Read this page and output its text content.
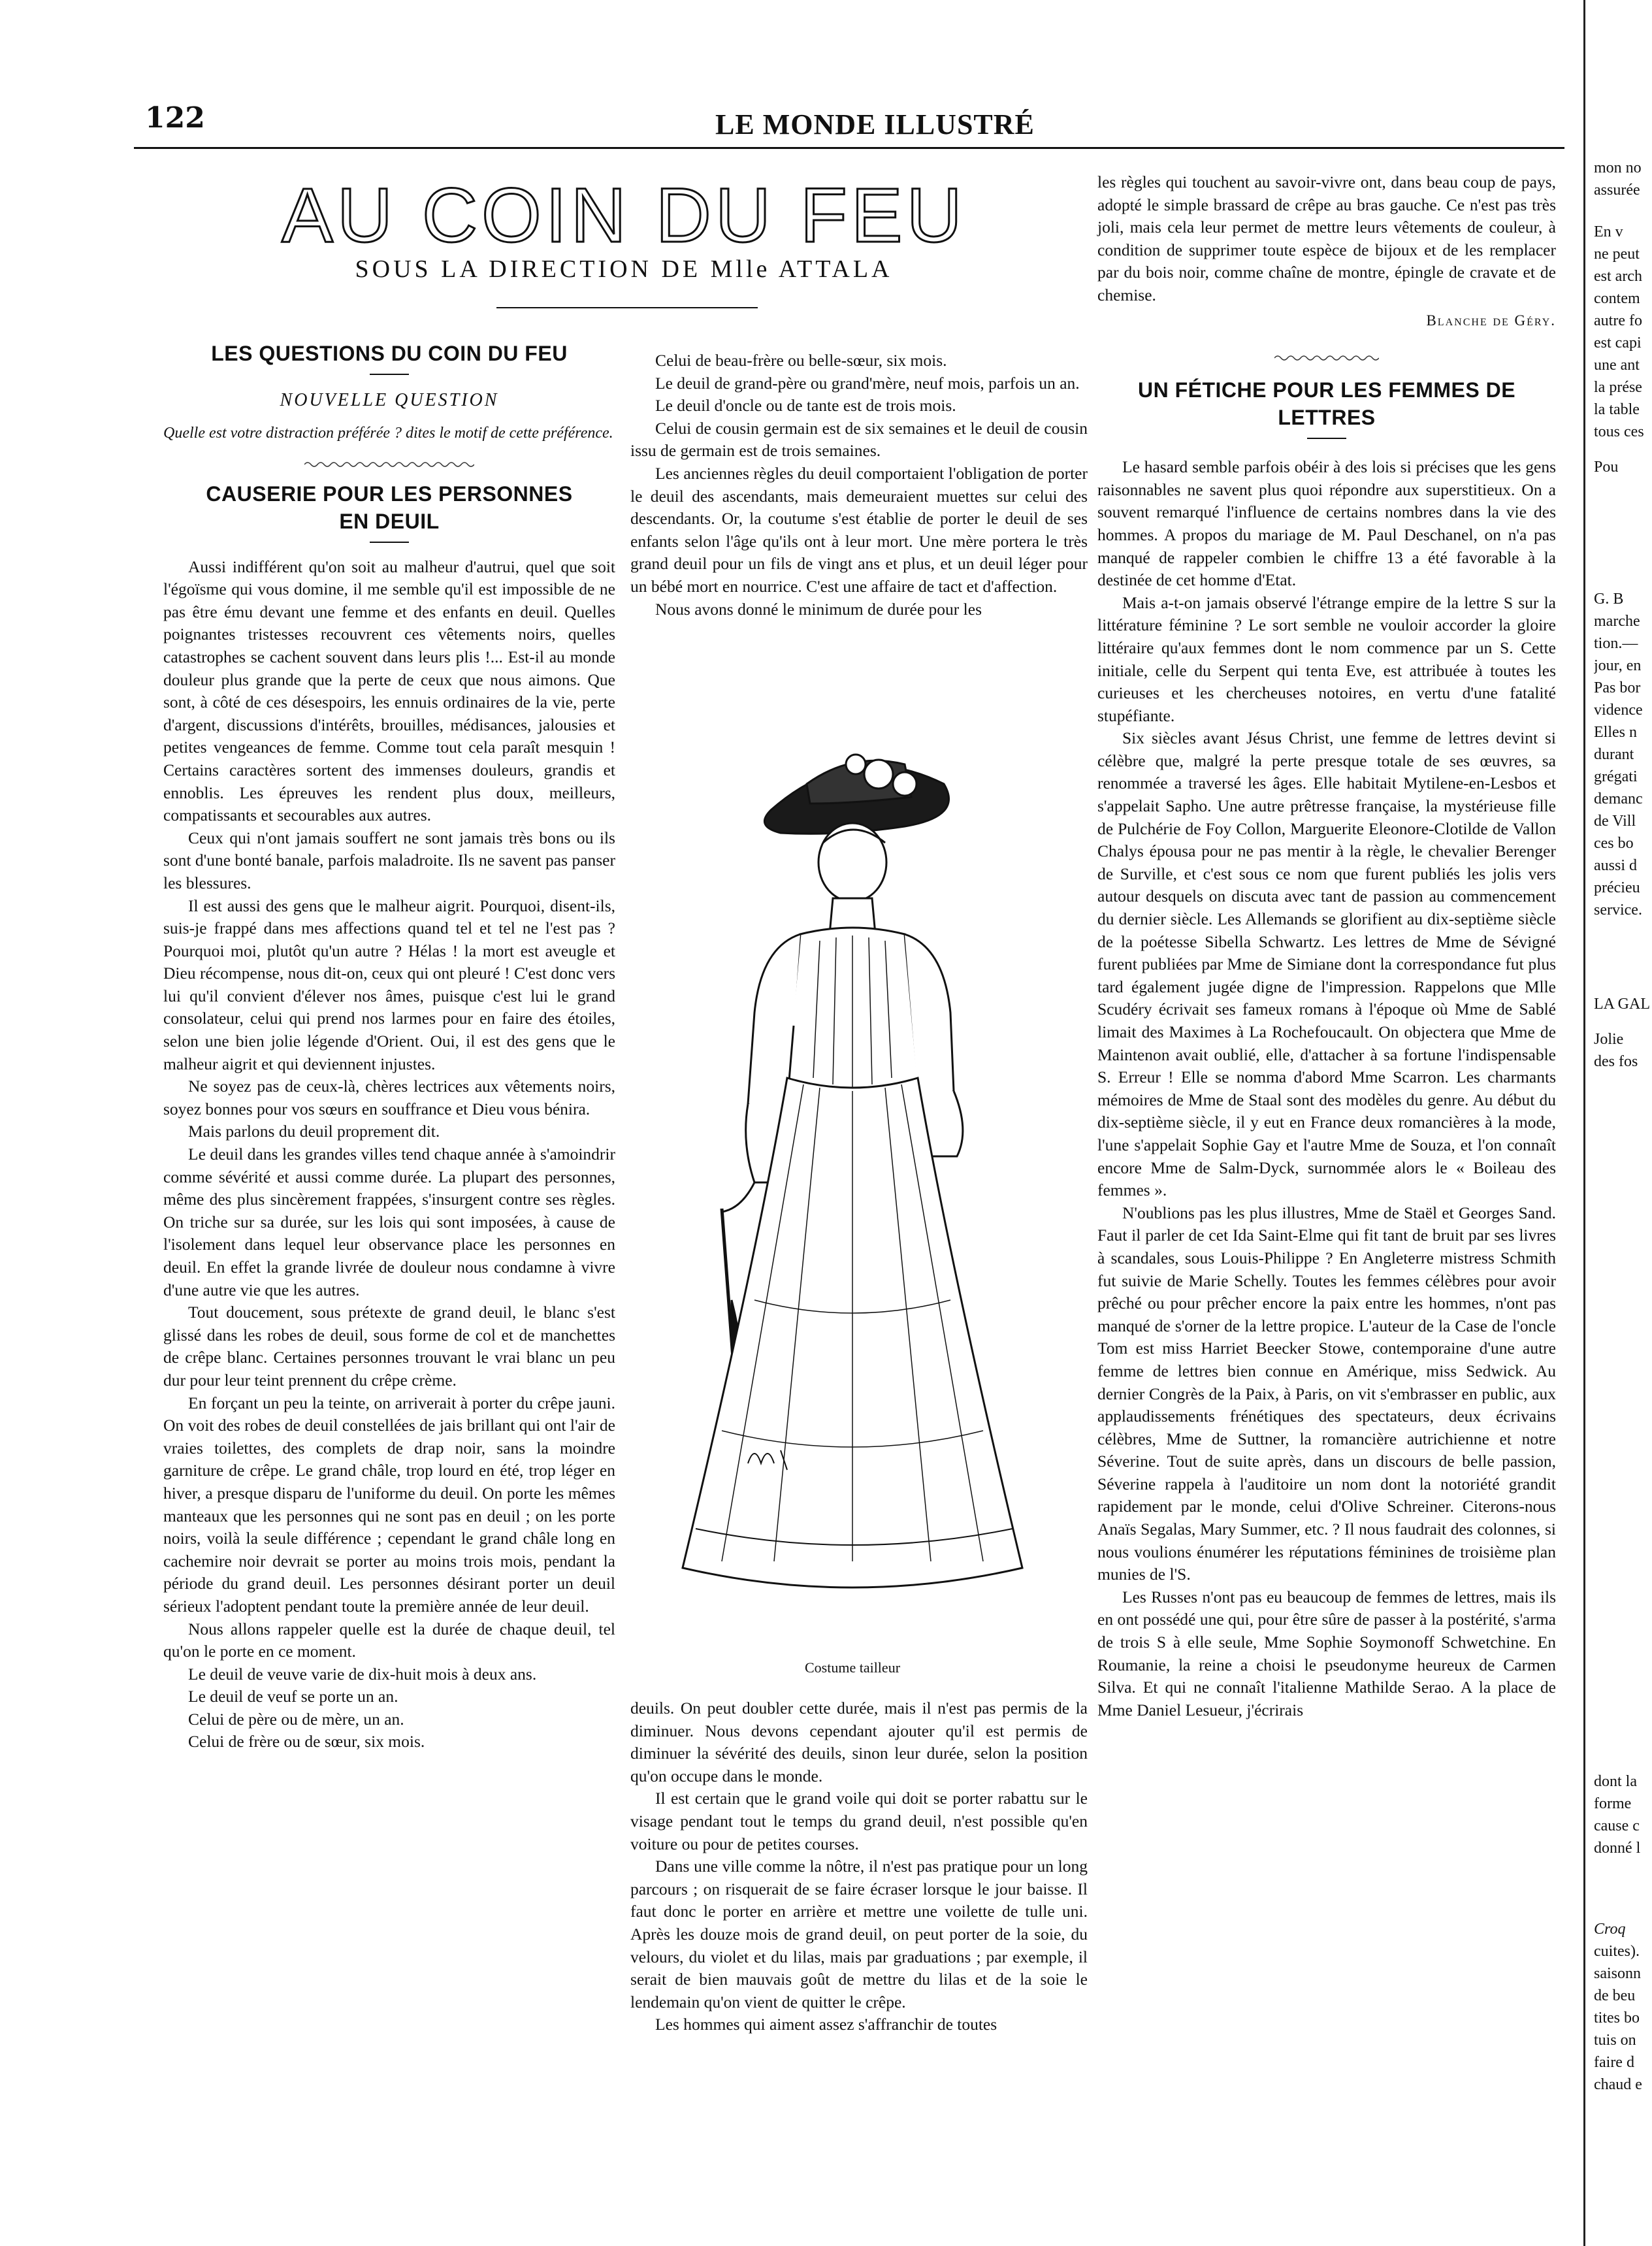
122	LE MONDE ILLUSTRÉ
AU COIN DU FEU
SOUS LA DIRECTION DE Mlle ATTALA
LES QUESTIONS DU COIN DU FEU
NOUVELLE QUESTION
Quelle est votre distraction préférée ? dites le motif de cette préférence.
CAUSERIE POUR LES PERSONNES
EN DEUIL

Aussi indifférent qu'on soit au malheur d'autrui, quel que soit l'égoïsme qui vous domine, il me semble qu'il est impossible de ne pas être ému devant une femme et des enfants en deuil. Quelles poignantes tristesses recouvrent ces vêtements noirs, quelles catastrophes se cachent souvent dans leurs plis !... Est-il au monde douleur plus grande que la perte de ceux que nous aimons. Que sont, à côté de ces désespoirs, les ennuis ordinaires de la vie, perte d'argent, discussions d'intérêts, brouilles, médisances, jalousies et petites vengeances de femme. Comme tout cela paraît mesquin ! Certains caractères sortent des immenses douleurs, grandis et ennoblis. Les épreuves les rendent plus doux, meilleurs, compatissants et secourables aux autres.

Ceux qui n'ont jamais souffert ne sont jamais très bons ou ils sont d'une bonté banale, parfois maladroite. Ils ne savent pas panser les blessures.

Il est aussi des gens que le malheur aigrit. Pourquoi, disent-ils, suis-je frappé dans mes affections quand tel et tel ne l'est pas ? Pourquoi moi, plutôt qu'un autre ? Hélas ! la mort est aveugle et Dieu récompense, nous dit-on, ceux qui ont pleuré ! C'est donc vers lui qu'il convient d'élever nos âmes, puisque c'est lui le grand consolateur, celui qui prend nos larmes pour en faire des étoiles, selon une bien jolie légende d'Orient. Oui, il est des gens que le malheur aigrit et qui deviennent injustes.

Ne soyez pas de ceux-là, chères lectrices aux vêtements noirs, soyez bonnes pour vos sœurs en souffrance et Dieu vous bénira.

Mais parlons du deuil proprement dit.

Le deuil dans les grandes villes tend chaque année à s'amoindrir comme sévérité et aussi comme durée. La plupart des personnes, même des plus sincèrement frappées, s'insurgent contre ses règles. On triche sur sa durée, sur les lois qui sont imposées, à cause de l'isolement dans lequel leur observance place les personnes en deuil. En effet la grande livrée de douleur nous condamne à vivre d'une autre vie que les autres.

Tout doucement, sous prétexte de grand deuil, le blanc s'est glissé dans les robes de deuil, sous forme de col et de manchettes de crêpe blanc. Certaines personnes trouvant le vrai blanc un peu dur pour leur teint prennent du crêpe crème.

En forçant un peu la teinte, on arriverait à porter du crêpe jauni. On voit des robes de deuil constellées de jais brillant qui ont l'air de vraies toilettes, des complets de drap noir, sans la moindre garniture de crêpe. Le grand châle, trop lourd en été, trop léger en hiver, a presque disparu de l'uniforme du deuil. On porte les mêmes manteaux que les personnes qui ne sont pas en deuil ; on les porte noirs, voilà la seule différence ; cependant le grand châle long en cachemire noir devrait se porter au moins trois mois, pendant la période du grand deuil. Les personnes désirant porter un deuil sérieux l'adoptent pendant toute la première année de leur deuil.

Nous allons rappeler quelle est la durée de chaque deuil, tel qu'on le porte en ce moment.

Le deuil de veuve varie de dix-huit mois à deux ans.

Le deuil de veuf se porte un an.

Celui de père ou de mère, un an.

Celui de frère ou de sœur, six mois.

Celui de beau-frère ou belle-sœur, six mois.

Le deuil de grand-père ou grand'mère, neuf mois, parfois un an.

Le deuil d'oncle ou de tante est de trois mois.

Celui de cousin germain est de six semaines et le deuil de cousin issu de germain est de trois semaines.

Les anciennes règles du deuil comportaient l'obligation de porter le deuil des ascendants, mais demeuraient muettes sur celui des descendants. Or, la coutume s'est établie de porter le deuil de ses enfants selon l'âge qu'ils ont à leur mort. Une mère portera le très grand deuil pour un fils de vingt ans et plus, et un deuil léger pour un bébé mort en nourrice. C'est une affaire de tact et d'affection.

Nous avons donné le minimum de durée pour les

Costume tailleur

deuils. On peut doubler cette durée, mais il n'est pas permis de la diminuer. Nous devons cependant ajouter qu'il est permis de diminuer la sévérité des deuils, sinon leur durée, selon la position qu'on occupe dans le monde.

Il est certain que le grand voile qui doit se porter rabattu sur le visage pendant tout le temps du grand deuil, n'est possible qu'en voiture ou pour de petites courses.

Dans une ville comme la nôtre, il n'est pas pratique pour un long parcours ; on risquerait de se faire écraser lorsque le jour baisse. Il faut donc le porter en arrière et mettre une voilette de tulle uni. Après les douze mois de grand deuil, on peut porter de la soie, du velours, du violet et du lilas, mais par graduations ; par exemple, il serait de bien mauvais goût de mettre du lilas et de la soie le lendemain qu'on vient de quitter le crêpe.

Les hommes qui aiment assez s'affranchir de toutes

les règles qui touchent au savoir-vivre ont, dans beau coup de pays, adopté le simple brassard de crêpe au bras gauche. Ce n'est pas très joli, mais cela leur permet de mettre leurs vêtements de couleur, à condition de supprimer toute espèce de bijoux et de les remplacer par du bois noir, comme chaîne de montre, épingle de cravate et de chemise.

Blanche de Géry.
UN FÉTICHE POUR LES FEMMES DE
LETTRES

Le hasard semble parfois obéir à des lois si précises que les gens raisonnables ne savent plus quoi répondre aux superstitieux. On a souvent remarqué l'influence de certains nombres dans la vie des hommes. A propos du mariage de M. Paul Deschanel, on n'a pas manqué de rappeler combien le chiffre 13 a été favorable à la destinée de cet homme d'Etat.

Mais a-t-on jamais observé l'étrange empire de la lettre S sur la littérature féminine ? Le sort semble ne vouloir accorder la gloire littéraire qu'aux femmes dont le nom commence par un S. Cette initiale, celle du Serpent qui tenta Eve, est attribuée à toutes les curieuses et les chercheuses notoires, en vertu d'une fatalité stupéfiante.

Six siècles avant Jésus Christ, une femme de lettres devint si célèbre que, malgré la perte presque totale de ses œuvres, sa renommée a traversé les âges. Elle habitait Mytilene-en-Lesbos et s'appelait Sapho. Une autre prêtresse française, la mystérieuse fille de Pulchérie de Foy Collon, Marguerite Eleonore-Clotilde de Vallon Chalys épousa pour ne pas mentir à la règle, le chevalier Berenger de Surville, et c'est sous ce nom que furent publiés les jolis vers autour desquels on discuta avec tant de passion au commencement du dernier siècle. Les Allemands se glorifient au dix-septième siècle de la poétesse Sibella Schwartz. Les lettres de Mme de Sévigné furent publiées par Mme de Simiane dont la correspondance fut plus tard également jugée digne de l'impression. Rappelons que Mlle Scudéry écrivait ses fameux romans à l'époque où Mme de Sablé limait des Maximes à La Rochefoucault. On objectera que Mme de Maintenon avait oublié, elle, d'attacher à sa fortune l'indispensable S. Erreur ! Elle se nomma d'abord Mme Scarron. Les charmants mémoires de Mme de Staal sont des modèles du genre. Au début du dix-septième siècle, il y eut en France deux romancières à la mode, l'une s'appelait Sophie Gay et l'autre Mme de Souza, et l'on connaît encore Mme de Salm-Dyck, surnommée alors le « Boileau des femmes ».

N'oublions pas les plus illustres, Mme de Staël et Georges Sand. Faut il parler de cet Ida Saint-Elme qui fit tant de bruit par ses livres à scandales, sous Louis-Philippe ? En Angleterre mistress Schmith fut suivie de Marie Schelly. Toutes les femmes célèbres pour avoir prêché ou pour prêcher encore la paix entre les hommes, n'ont pas manqué de s'orner de la lettre propice. L'auteur de la Case de l'oncle Tom est miss Harriet Beecker Stowe, contemporaine d'une autre femme de lettres bien connue en Amérique, miss Sedwick. Au dernier Congrès de la Paix, à Paris, on vit s'embrasser en public, aux applaudissements frénétiques des spectateurs, deux écrivains célèbres, Mme de Suttner, la romancière autrichienne et notre Séverine. Tout de suite après, dans un discours de belle passion, Séverine rappela à l'auditoire un nom dont la notoriété grandit rapidement par le monde, celui d'Olive Schreiner. Citerons-nous Anaïs Segalas, Mary Summer, etc. ? Il nous faudrait des colonnes, si nous voulions énumérer les réputations féminines de troisième plan munies de l'S.

Les Russes n'ont pas eu beaucoup de femmes de lettres, mais ils en ont possédé une qui, pour être sûre de passer à la postérité, s'arma de trois S à elle seule, Mme Sophie Soymonoff Schwetchine. En Roumanie, la reine a choisi le pseudonyme heureux de Carmen Silva. Et qui ne connaît l'italienne Mathilde Serao. A la place de Mme Daniel Lesueur, j'écrirais

mon no
assurée
En v
ne peut
est arch
contem
autre fo
est capi
une ant
la prése
la table
tous ces
Pou
G. B
marche
tion.—
jour, en
Pas bor
vidence
Elles n
durant
grégati
demanc
de Vill
ces bo
aussi d
précieu
service.
LA GAL
Jolie
des fos
dont la
forme
cause c
donné l
Croq
cuites).
saisonn
de beu
tites bo
tuis on
faire d
chaud e
